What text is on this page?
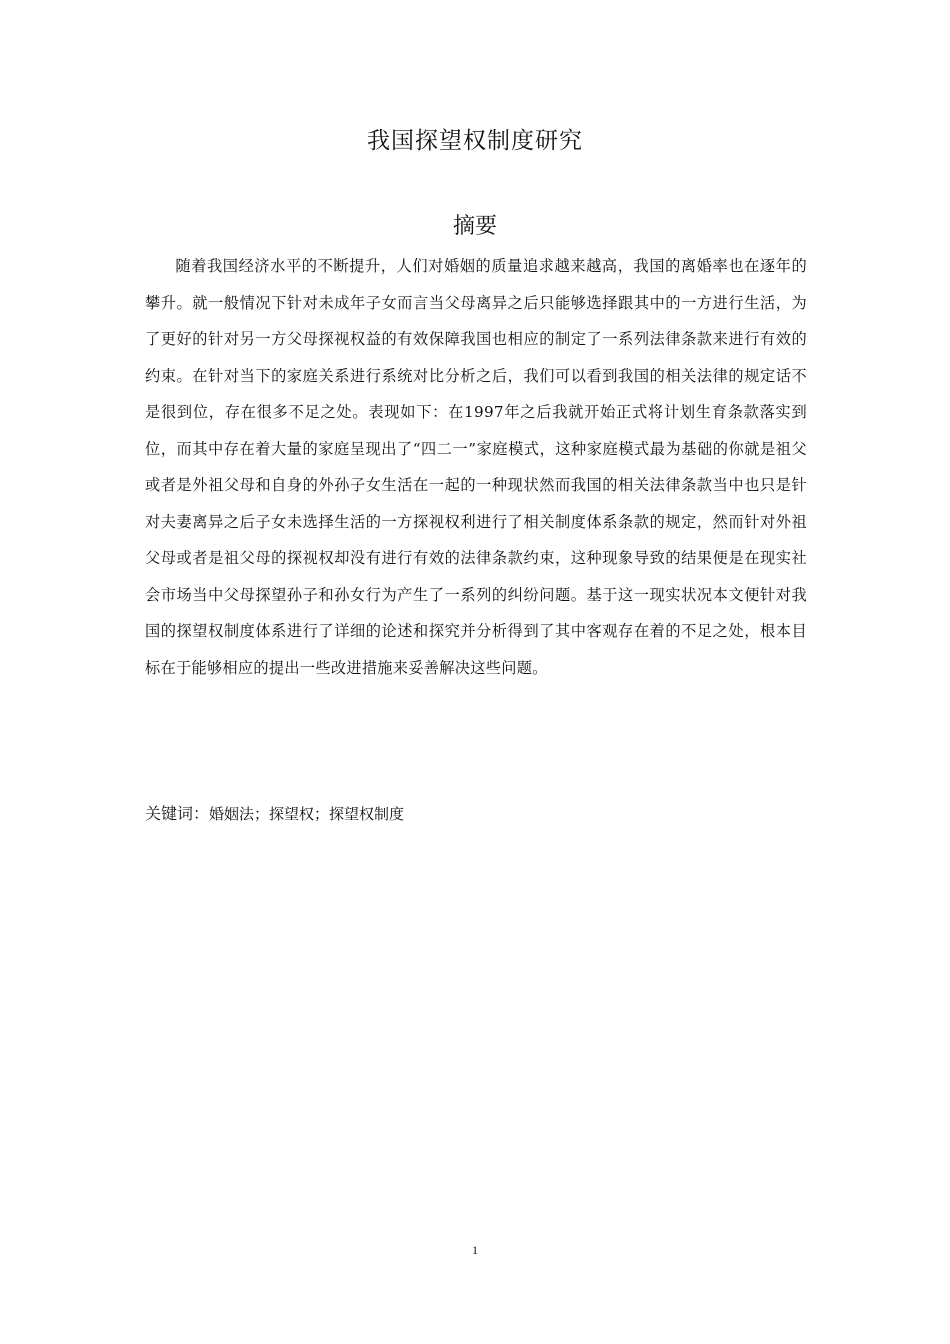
我国探望权制度研究
摘要

随着我国经济水平的不断提升，人们对婚姻的质量追求越来越高，我国的离婚率也在逐年的攀升。就一般情况下针对未成年子女而言当父母离异之后只能够选择跟其中的一方进行生活，为了更好的针对另一方父母探视权益的有效保障我国也相应的制定了一系列法律条款来进行有效的约束。在针对当下的家庭关系进行系统对比分析之后，我们可以看到我国的相关法律的规定话不是很到位，存在很多不足之处。表现如下：在1997年之后我就开始正式将计划生育条款落实到位，而其中存在着大量的家庭呈现出了“四二一”家庭模式，这种家庭模式最为基础的你就是祖父或者是外祖父母和自身的外孙子女生活在一起的一种现状然而我国的相关法律条款当中也只是针对夫妻离异之后子女未选择生活的一方探视权利进行了相关制度体系条款的规定，然而针对外祖父母或者是祖父母的探视权却没有进行有效的法律条款约束，这种现象导致的结果便是在现实社会市场当中父母探望孙子和孙女行为产生了一系列的纠纷问题。基于这一现实状况本文便针对我国的探望权制度体系进行了详细的论述和探究并分析得到了其中客观存在着的不足之处，根本目标在于能够相应的提出一些改进措施来妥善解决这些问题。

关键词：婚姻法；探望权；探望权制度

1
